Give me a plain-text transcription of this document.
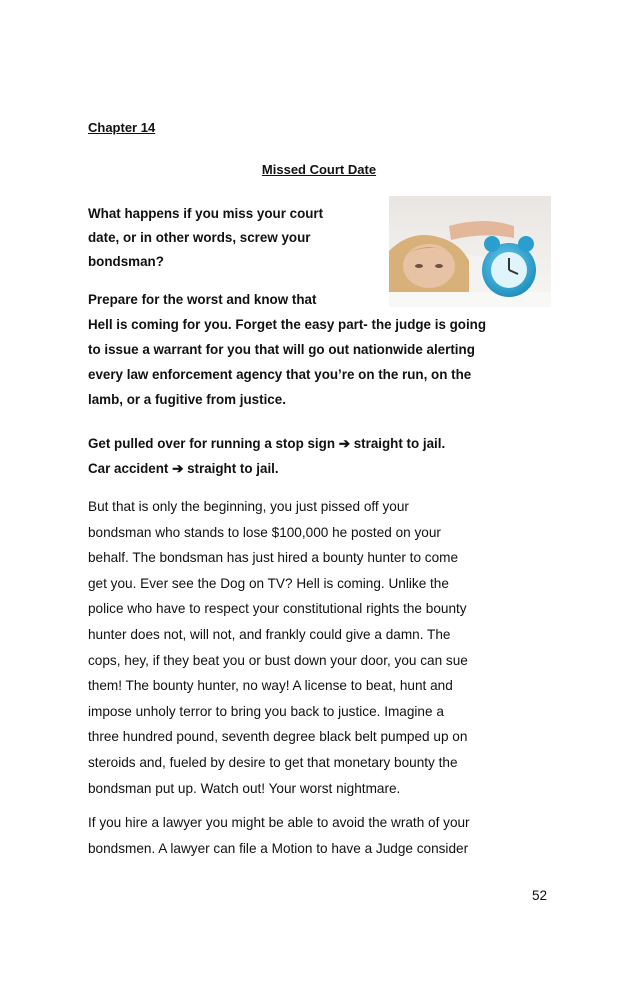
Chapter 14
Missed Court Date
What happens if you miss your court
date, or in other words, screw your
bondsman?
Prepare for the worst and know that
Hell is coming for you. Forget the easy part- the judge is going
to issue a warrant for you that will go out nationwide alerting
every law enforcement agency that you’re on the run, on the
lamb, or a fugitive from justice.
Get pulled over for running a stop sign ➔ straight to jail.
Car accident ➔ straight to jail.
But that is only the beginning, you just pissed off your
bondsman who stands to lose $100,000 he posted on your
behalf. The bondsman has just hired a bounty hunter to come
get you. Ever see the Dog on TV? Hell is coming. Unlike the
police who have to respect your constitutional rights the bounty
hunter does not, will not, and frankly could give a damn. The
cops, hey, if they beat you or bust down your door, you can sue
them! The bounty hunter, no way! A license to beat, hunt and
impose unholy terror to bring you back to justice. Imagine a
three hundred pound, seventh degree black belt pumped up on
steroids and, fueled by desire to get that monetary bounty the
bondsman put up. Watch out! Your worst nightmare.
If you hire a lawyer you might be able to avoid the wrath of your
bondsmen. A lawyer can file a Motion to have a Judge consider
52
